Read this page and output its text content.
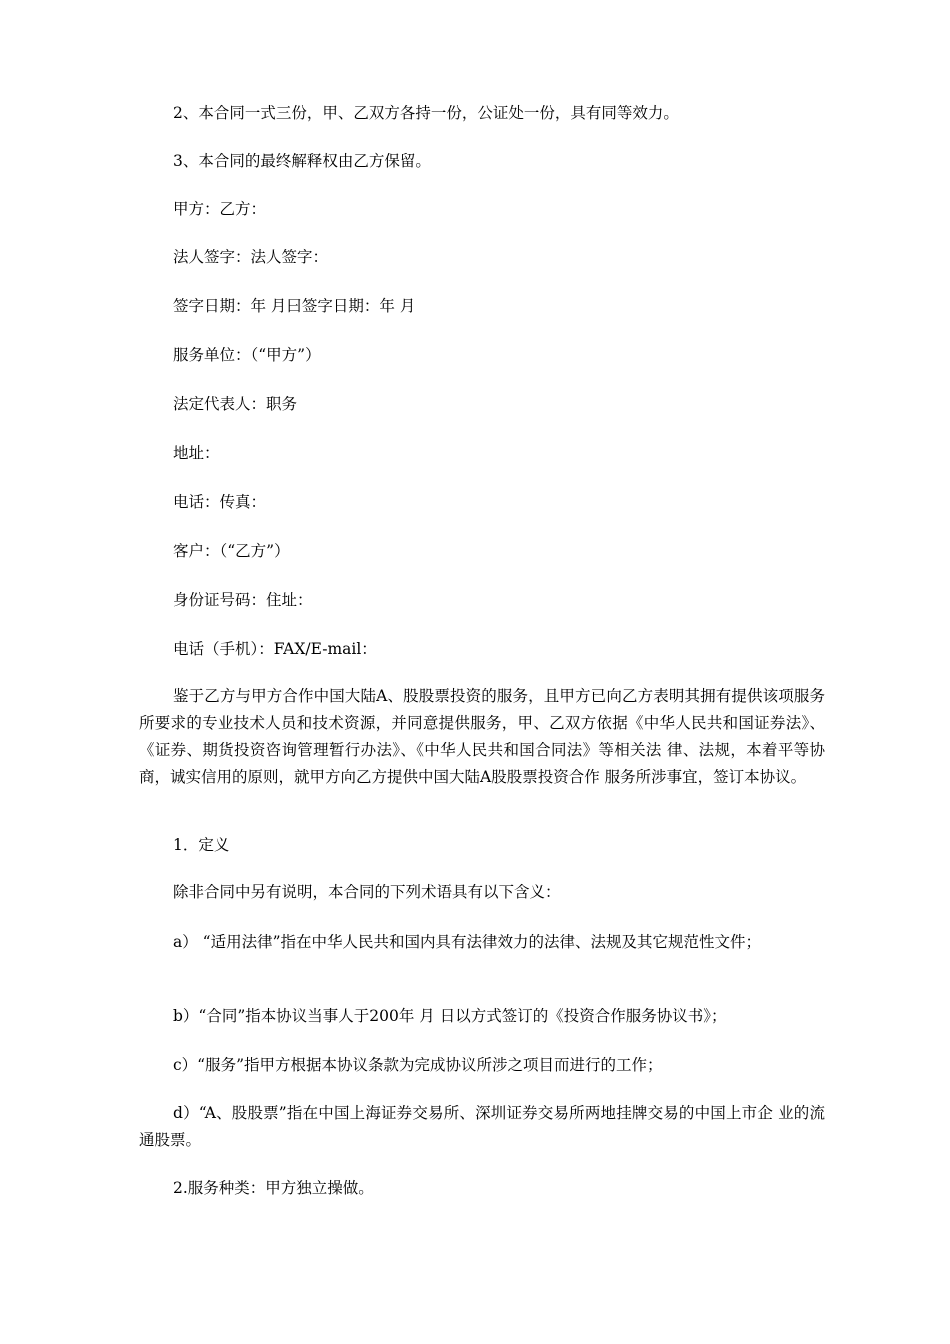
2、本合同一式三份，甲、乙双方各持一份，公证处一份，具有同等效力。

3、本合同的最终解释权由乙方保留。

甲方：乙方：

法人签字：法人签字：

签字日期：年 月曰签字日期：年 月

服务单位：（“甲方”）

法定代表人：职务

地址：

电话：传真：

客户：（“乙方”）

身份证号码：住址：

电话（手机）：FAX/E-mail：

鉴于乙方与甲方合作中国大陆A、股股票投资的服务，且甲方已向乙方表明其拥有提供该项服务所要求的专业技术人员和技术资源，并同意提供服务，甲、乙双方依据《中华人民共和国证券法》、《证券、期货投资咨询管理暂行办法》、《中华人民共和国合同法》等相关法 律、法规，本着平等协商，诚实信用的原则，就甲方向乙方提供中国大陆A股股票投资合作 服务所涉事宜，签订本协议。

1．定义

除非合同中另有说明，本合同的下列术语具有以下含义：

a） “适用法律”指在中华人民共和国内具有法律效力的法律、法规及其它规范性文件；

b）“合同”指本协议当事人于200年 月 日以方式签订的《投资合作服务协议书》；

c）“服务”指甲方根据本协议条款为完成协议所涉之项目而进行的工作；

d）“A、股股票”指在中国上海证券交易所、深圳证券交易所两地挂牌交易的中国上市企 业的流通股票。

2.服务种类：甲方独立操做。
